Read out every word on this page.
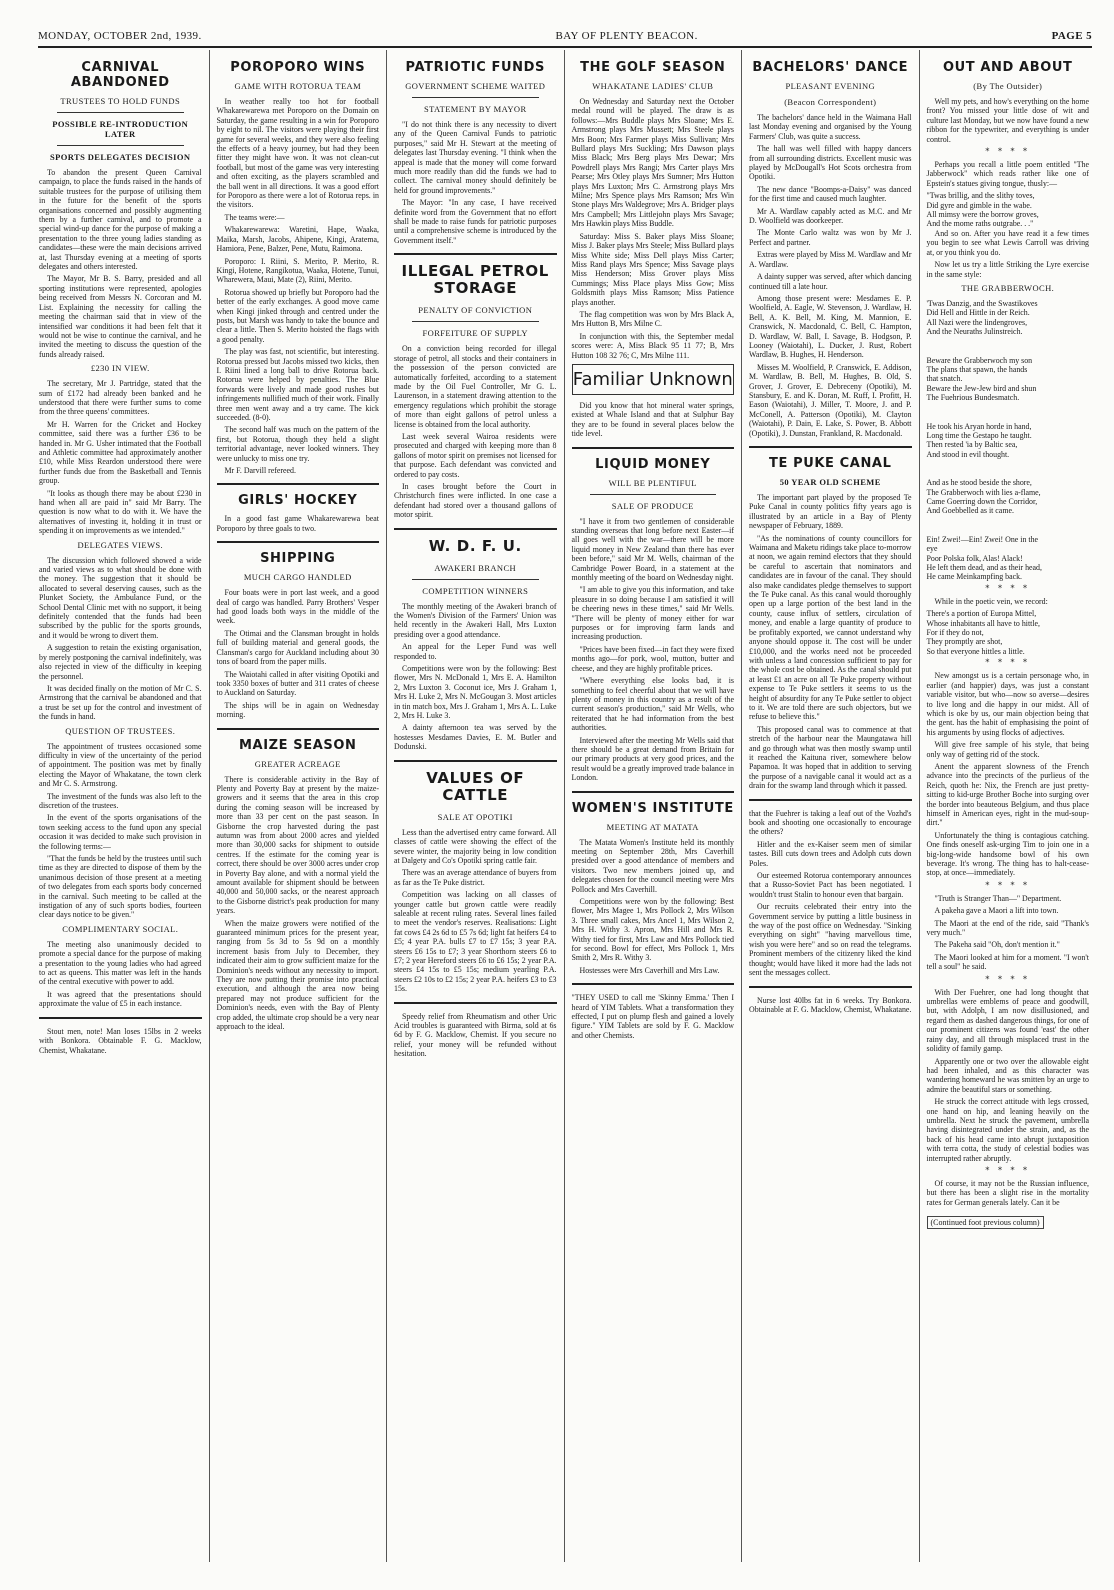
MONDAY, OCTOBER 2nd, 1939.	BAY OF PLENTY BEACON.	PAGE 5
CARNIVAL ABANDONED
TRUSTEES TO HOLD FUNDS
POSSIBLE RE-INTRODUCTION LATER
SPORTS DELEGATES DECISION

To abandon the present Queen Carnival campaign, to place the funds raised in the hands of suitable trustees for the purpose of utilising them in the future for the benefit of the sports organisations concerned and possibly augmenting them by a further carnival, and to promote a special wind-up dance for the purpose of making a presentation to the three young ladies standing as candidates—these were the main decisions arrived at, last Thursday evening at a meeting of sports delegates and others interested.

The Mayor, Mr B. S. Barry, presided and all sporting institutions were represented, apologies being received from Messrs N. Corcoran and M. List. Explaining the necessity for calling the meeting the chairman said that in view of the intensified war conditions it had been felt that it would not be wise to continue the carnival, and he invited the meeting to discuss the question of the funds already raised.

£230 IN VIEW.

The secretary, Mr J. Partridge, stated that the sum of £172 had already been banked and he understood that there were further sums to come from the three queens' committees.

Mr H. Warren for the Cricket and Hockey committee, said there was a further £36 to be handed in. Mr G. Usher intimated that the Football and Athletic committee had approximately another £10, while Miss Reardon understood there were further funds due from the Basketball and Tennis group.

"It looks as though there may be about £230 in hand when all are paid in" said Mr Barry. The question is now what to do with it. We have the alternatives of investing it, holding it in trust or spending it on improvements as we intended."

DELEGATES VIEWS.

The discussion which followed showed a wide and varied views as to what should be done with the money. The suggestion that it should be allocated to several deserving causes, such as the Plunket Society, the Ambulance Fund, or the School Dental Clinic met with no support, it being definitely contended that the funds had been subscribed by the public for the sports grounds, and it would be wrong to divert them.

A suggestion to retain the existing organisation, by merely postponing the carnival indefinitely, was also rejected in view of the difficulty in keeping the personnel.

It was decided finally on the motion of Mr C. S. Armstrong that the carnival be abandoned and that a trust be set up for the control and investment of the funds in hand.

QUESTION OF TRUSTEES.

The appointment of trustees occasioned some difficulty in view of the uncertainty of the period of appointment. The position was met by finally electing the Mayor of Whakatane, the town clerk and Mr C. S. Armstrong.

The investment of the funds was also left to the discretion of the trustees.

In the event of the sports organisations of the town seeking access to the fund upon any special occasion it was decided to make such provision in the following terms:—

"That the funds be held by the trustees until such time as they are directed to dispose of them by the unanimous decision of those present at a meeting of two delegates from each sports body concerned in the carnival. Such meeting to be called at the instigation of any of such sports bodies, fourteen clear days notice to be given."

COMPLIMENTARY SOCIAL.

The meeting also unanimously decided to promote a special dance for the purpose of making a presentation to the young ladies who had agreed to act as queens. This matter was left in the hands of the central executive with power to add.

It was agreed that the presentations should approximate the value of £5 in each instance.

Stout men, note! Man loses 15lbs in 2 weeks with Bonkora. Obtainable F. G. Macklow, Chemist, Whakatane.

POROPORO WINS
GAME WITH ROTORUA TEAM

In weather really too hot for football Whakarewarewa met Poroporo on the Domain on Saturday, the game resulting in a win for Poroporo by eight to nil. The visitors were playing their first game for several weeks, and they were also feeling the effects of a heavy journey, but had they been fitter they might have won. It was not clean-cut football, but most of the game was very interesting and often exciting, as the players scrambled and the ball went in all directions. It was a good effort for Poroporo as there were a lot of Rotorua reps. in the visitors.

The teams were:—

Whakarewarewa: Waretini, Hape, Waaka, Maika, Marsh, Jacobs, Ahipene, Kingi, Aratema, Hamiora, Pene, Balzer, Pene, Mutu, Raimona.

Poroporo: I. Riini, S. Merito, P. Merito, R. Kingi, Hotene, Rangikotua, Waaka, Hotene, Tunui, Wharewera, Maui, Mate (2), Riini, Merito.

Rotorua showed up briefly but Poroporo had the better of the early exchanges. A good move came when Kingi jinked through and centred under the posts, but Marsh was handy to take the bounce and clear a little. Then S. Merito hoisted the flags with a good penalty.

The play was fast, not scientific, but interesting. Rotorua pressed but Jacobs missed two kicks, then I. Riini lined a long ball to drive Rotorua back. Rotorua were helped by penalties. The Blue forwards were lively and made good rushes but infringements nullified much of their work. Finally three men went away and a try came. The kick succeeded. (8-0).

The second half was much on the pattern of the first, but Rotorua, though they held a slight territorial advantage, never looked winners. They were unlucky to miss one try.

Mr F. Darvill refereed.

GIRLS' HOCKEY

In a good fast game Whakarewarewa beat Poroporo by three goals to two.

SHIPPING
MUCH CARGO HANDLED

Four boats were in port last week, and a good deal of cargo was handled. Parry Brothers' Vesper had good loads both ways in the middle of the week.

The Otimai and the Clansman brought in holds full of building material and general goods, the Clansman's cargo for Auckland including about 30 tons of board from the paper mills.

The Waiotahi called in after visiting Opotiki and took 3350 boxes of butter and 311 crates of cheese to Auckland on Saturday.

The ships will be in again on Wednesday morning.

MAIZE SEASON
GREATER ACREAGE

There is considerable activity in the Bay of Plenty and Poverty Bay at present by the maize-growers and it seems that the area in this crop during the coming season will be increased by more than 33 per cent on the past season. In Gisborne the crop harvested during the past autumn was from about 2000 acres and yielded more than 30,000 sacks for shipment to outside centres. If the estimate for the coming year is correct, there should be over 3000 acres under crop in Poverty Bay alone, and with a normal yield the amount available for shipment should be between 40,000 and 50,000 sacks, or the nearest approach to the Gisborne district's peak production for many years.

When the maize growers were notified of the guaranteed minimum prices for the present year, ranging from 5s 3d to 5s 9d on a monthly increment basis from July to December, they indicated their aim to grow sufficient maize for the Dominion's needs without any necessity to import. They are now putting their promise into practical execution, and although the area now being prepared may not produce sufficient for the Dominion's needs, even with the Bay of Plenty crop added, the ultimate crop should be a very near approach to the ideal.

PATRIOTIC FUNDS
GOVERNMENT SCHEME WAITED
STATEMENT BY MAYOR

"I do not think there is any necessity to divert any of the Queen Carnival Funds to patriotic purposes," said Mr H. Stewart at the meeting of delegates last Thursday evening. "I think when the appeal is made that the money will come forward much more readily than did the funds we had to collect. The carnival money should definitely be held for ground improvements."

The Mayor: "In any case, I have received definite word from the Government that no effort shall be made to raise funds for patriotic purposes until a comprehensive scheme is introduced by the Government itself."

ILLEGAL PETROL STORAGE
PENALTY OF CONVICTION
FORFEITURE OF SUPPLY

On a conviction being recorded for illegal storage of petrol, all stocks and their containers in the possession of the person convicted are automatically forfeited, according to a statement made by the Oil Fuel Controller, Mr G. L. Laurenson, in a statement drawing attention to the emergency regulations which prohibit the storage of more than eight gallons of petrol unless a license is obtained from the local authority.

Last week several Wairoa residents were prosecuted and charged with keeping more than 8 gallons of motor spirit on premises not licensed for that purpose. Each defendant was convicted and ordered to pay costs.

In cases brought before the Court in Christchurch fines were inflicted. In one case a defendant had stored over a thousand gallons of motor spirit.

W. D. F. U.
AWAKERI BRANCH
COMPETITION WINNERS

The monthly meeting of the Awakeri branch of the Women's Division of the Farmers' Union was held recently in the Awakeri Hall, Mrs Luxton presiding over a good attendance.

An appeal for the Leper Fund was well responded to.

Competitions were won by the following: Best flower, Mrs N. McDonald 1, Mrs E. A. Hamilton 2, Mrs Luxton 3. Coconut ice, Mrs J. Graham 1, Mrs H. Luke 2, Mrs N. McGougan 3. Most articles in tin match box, Mrs J. Graham 1, Mrs A. L. Luke 2, Mrs H. Luke 3.

A dainty afternoon tea was served by the hostesses Mesdames Davies, E. M. Butler and Dodunski.

VALUES OF CATTLE
SALE AT OPOTIKI

Less than the advertised entry came forward. All classes of cattle were showing the effect of the severe winter, the majority being in low condition at Dalgety and Co's Opotiki spring cattle fair.

There was an average attendance of buyers from as far as the Te Puke district.

Competition was lacking on all classes of younger cattle but grown cattle were readily saleable at recent ruling rates. Several lines failed to meet the vendor's reserves. Realisations: Light fat cows £4 2s 6d to £5 7s 6d; light fat heifers £4 to £5; 4 year P.A. bulls £7 to £7 15s; 3 year P.A. steers £6 15s to £7; 3 year Shorthorn steers £6 to £7; 2 year Hereford steers £6 to £6 15s; 2 year P.A. steers £4 15s to £5 15s; medium yearling P.A. steers £2 10s to £2 15s; 2 year P.A. heifers £3 to £3 15s.

Speedy relief from Rheumatism and other Uric Acid troubles is guaranteed with Birma, sold at 6s 6d by F. G. Macklow, Chemist. If you secure no relief, your money will be refunded without hesitation.

THE GOLF SEASON
WHAKATANE LADIES' CLUB

On Wednesday and Saturday next the October medal round will be played. The draw is as follows:—Mrs Buddle plays Mrs Sloane; Mrs E. Armstrong plays Mrs Mussett; Mrs Steele plays Mrs Boon; Mrs Farmer plays Miss Sullivan; Mrs Bullard plays Mrs Suckling; Mrs Dawson plays Miss Black; Mrs Berg plays Mrs Dewar; Mrs Powdrell plays Mrs Rangi; Mrs Carter plays Mrs Pearse; Mrs Otley plays Mrs Sumner; Mrs Hutton plays Mrs Luxton; Mrs C. Armstrong plays Mrs Milne; Mrs Spence plays Mrs Ramson; Mrs Win Stone plays Mrs Waldegrove; Mrs A. Bridger plays Mrs Campbell; Mrs Littlejohn plays Mrs Savage; Mrs Hawkin plays Miss Buddle.

Saturday: Miss S. Baker plays Miss Sloane; Miss J. Baker plays Mrs Steele; Miss Bullard plays Miss White side; Miss Dell plays Miss Carter; Miss Rand plays Mrs Spence; Miss Savage plays Miss Henderson; Miss Grover plays Miss Cummings; Miss Place plays Miss Gow; Miss Goldsmith plays Miss Ramson; Miss Patience plays another.

The flag competition was won by Mrs Black A, Mrs Hutton B, Mrs Milne C.

In conjunction with this, the September medal scores were: A, Miss Black 95 11 77; B, Mrs Hutton 108 32 76; C, Mrs Milne 111.

Familiar Unknown

Did you know that hot mineral water springs, existed at Whale Island and that at Sulphur Bay they are to be found in several places below the tide level.

LIQUID MONEY
WILL BE PLENTIFUL
SALE OF PRODUCE

"I have it from two gentlemen of considerable standing overseas that long before next Easter—if all goes well with the war—there will be more liquid money in New Zealand than there has ever been before," said Mr M. Wells, chairman of the Cambridge Power Board, in a statement at the monthly meeting of the board on Wednesday night.

"I am able to give you this information, and take pleasure in so doing because I am satisfied it will be cheering news in these times," said Mr Wells. "There will be plenty of money either for war purposes or for improving farm lands and increasing production.

"Prices have been fixed—in fact they were fixed months ago—for pork, wool, mutton, butter and cheese, and they are highly profitable prices.

"Where everything else looks bad, it is something to feel cheerful about that we will have plenty of money in this country as a result of the current season's production," said Mr Wells, who reiterated that he had information from the best authorities.

Interviewed after the meeting Mr Wells said that there should be a great demand from Britain for our primary products at very good prices, and the result would be a greatly improved trade balance in London.

WOMEN'S INSTITUTE
MEETING AT MATATA

The Matata Women's Institute held its monthly meeting on September 28th, Mrs Caverhill presided over a good attendance of members and visitors. Two new members joined up, and delegates chosen for the council meeting were Mrs Pollock and Mrs Caverhill.

Competitions were won by the following: Best flower, Mrs Magee 1, Mrs Pollock 2, Mrs Wilson 3. Three small cakes, Mrs Ancel 1, Mrs Wilson 2, Mrs H. Withy 3. Apron, Mrs Hill and Mrs R. Withy tied for first, Mrs Law and Mrs Pollock tied for second. Bowl for effect, Mrs Pollock 1, Mrs Smith 2, Mrs R. Withy 3.

Hostesses were Mrs Caverhill and Mrs Law.

"THEY USED to call me 'Skinny Emma.' Then I heard of YIM Tablets. What a transformation they effected, I put on plump flesh and gained a lovely figure." YIM Tablets are sold by F. G. Macklow and other Chemists.

BACHELORS' DANCE
PLEASANT EVENING
(Beacon Correspondent)

The bachelors' dance held in the Waimana Hall last Monday evening and organised by the Young Farmers' Club, was quite a success.

The hall was well filled with happy dancers from all surrounding districts. Excellent music was played by McDougall's Hot Scots orchestra from Opotiki.

The new dance "Boomps-a-Daisy" was danced for the first time and caused much laughter.

Mr A. Wardlaw capably acted as M.C. and Mr D. Woolfield was doorkeeper.

The Monte Carlo waltz was won by Mr J. Perfect and partner.

Extras were played by Miss M. Wardlaw and Mr A. Wardlaw.

A dainty supper was served, after which dancing continued till a late hour.

Among those present were: Mesdames E. P. Woolfield, A. Eagle, W. Stevenson, J. Wardlaw, H. Bell, A. K. Bell, M. King, M. Mannion, E. Cranswick, N. Macdonald, C. Bell, C. Hampton, D. Wardlaw, W. Ball, I. Savage, B. Hodgson, P. Looney (Waiotahi), L. Ducker, J. Rust, Robert Wardlaw, B. Hughes, H. Henderson.

Misses M. Woolfield, P. Cranswick, E. Addison, M. Wardlaw, B. Bell, M. Hughes, B. Old, S. Grover, J. Grover, E. Debreceny (Opotiki), M. Stansbury, E. and K. Doran, M. Ruff, I. Profitt, H. Eason (Waiotahi), J. Miller, T. Moore, J. and P. McConell, A. Patterson (Opotiki), M. Clayton (Waiotahi), P. Dain, E. Lake, S. Power, B. Abbott (Opotiki), J. Dunstan, Frankland, R. Macdonald.

TE PUKE CANAL
50 YEAR OLD SCHEME

The important part played by the proposed Te Puke Canal in county politics fifty years ago is illustrated by an article in a Bay of Plenty newspaper of February, 1889.

"As the nominations of county councillors for Waimana and Maketu ridings take place to-morrow at noon, we again remind electors that they should be careful to ascertain that nominators and candidates are in favour of the canal. They should also make candidates pledge themselves to support the Te Puke canal. As this canal would thoroughly open up a large portion of the best land in the county, cause influx of settlers, circulation of money, and enable a large quantity of produce to be profitably exported, we cannot understand why anyone should oppose it. The cost will be under £10,000, and the works need not be proceeded with unless a land concession sufficient to pay for the whole cost be obtained. As the canal should put at least £1 an acre on all Te Puke property without expense to Te Puke settlers it seems to us the height of absurdity for any Te Puke settler to object to it. We are told there are such objectors, but we refuse to believe this."

This proposed canal was to commence at that stretch of the harbour near the Maungatawa hill and go through what was then mostly swamp until it reached the Kaituna river, somewhere below Papamoa. It was hoped that in addition to serving the purpose of a navigable canal it would act as a drain for the swamp land through which it passed.

that the Fuehrer is taking a leaf out of the Vozhd's book and shooting one occasionally to encourage the others?

Hitler and the ex-Kaiser seem men of similar tastes. Bill cuts down trees and Adolph cuts down Poles.

Our esteemed Rotorua contemporary announces that a Russo-Soviet Pact has been negotiated. I wouldn't trust Stalin to honour even that bargain.

Our recruits celebrated their entry into the Government service by putting a little business in the way of the post office on Wednesday. "Sinking everything on sight" "having marvellous time, wish you were here" and so on read the telegrams. Prominent members of the citizenry liked the kind thought; would have liked it more had the lads not sent the messages collect.

Nurse lost 40lbs fat in 6 weeks. Try Bonkora. Obtainable at F. G. Macklow, Chemist, Whakatane.

OUT AND ABOUT
(By The Outsider)

Well my pets, and how's everything on the home front? You missed your little dose of wit and culture last Monday, but we now have found a new ribbon for the typewriter, and everything is under control.

* * * *

Perhaps you recall a little poem entitled "The Jabberwock" which reads rather like one of Epstein's statues giving tongue, thusly:—

"Twas brillig, and the slithy toves,

Did gyre and gimble in the wabe.

All mimsy were the borrow groves,

And the mome raths outgrabe. . ."

And so on. After you have read it a few times you begin to see what Lewis Carroll was driving at, or you think you do.

Now let us try a little Striking the Lyre exercise in the same style:

THE GRABBERWOCH.

'Twas Danzig, and the Swastikoves

Did Hell and Hittle in der Reich.

All Nazi were the lindengroves,

And the Neuraths Julinstreich.

Beware the Grabberwoch my son

The plans that spawn, the hands

that snatch.

Beware the Jew-Jew bird and shun

The Fuehrious Bundesmatch.

He took his Aryan horde in hand,

Long time the Gestapo he taught.

Then rested 'ia by Baltic sea,

And stood in evil thought.

And as he stood beside the shore,

The Grabberwoch with lies a-flame,

Came Goerring down the Corridor,

And Goebbelled as it came.

Ein! Zwei!—Ein! Zwei! One in the

eye

Poor Polska folk, Alas! Alack!

He left them dead, and as their head,

He came Meinkampfing back.

* * * *

While in the poetic vein, we record:

There's a portion of Europa Mittel,

Whose inhabitants all have to hittle,

For if they do not,

They promptly are shot,

So that everyone hittles a little.

* * * *

New amongst us is a certain personage who, in earlier (and happier) days, was just a constant variable visitor, but who—now so averse—desires to live long and die happy in our midst. All of which is oke by us, our main objection being that the gent. has the habit of emphasising the point of his arguments by using flocks of adjectives.

Will give free sample of his style, that being only way of getting rid of the stock.

Anent the apparent slowness of the French advance into the precincts of the purlieus of the Reich, quoth he: Nix, the French are just pretty-sitting to kid-urge Brother Boche into surging over the border into beauteous Belgium, and thus place himself in American eyes, right in the mud-soup-dirt."

Unfortunately the thing is contagious catching. One finds oneself ask-urging Tim to join one in a big-long-wide handsome bowl of his own beverage. It's wrong. The thing has to halt-cease-stop, at once—immediately.

* * * *

"Truth is Stranger Than—" Department.

A pakeha gave a Maori a lift into town.

The Maori at the end of the ride, said "Thank's very much."

The Pakeha said "Oh, don't mention it."

The Maori looked at him for a moment. "I won't tell a soul" he said.

* * * *

With Der Fuehrer, one had long thought that umbrellas were emblems of peace and goodwill, but, with Adolph, I am now disillusioned, and regard them as dashed dangerous things, for one of our prominent citizens was found 'east' the other rainy day, and all through misplaced trust in the solidity of family gamp.

Apparently one or two over the allowable eight had been inhaled, and as this character was wandering homeward he was smitten by an urge to admire the beautiful stars or something.

He struck the correct attitude with legs crossed, one hand on hip, and leaning heavily on the umbrella. Next he struck the pavement, umbrella having disintegrated under the strain, and, as the back of his head came into abrupt juxtaposition with terra cotta, the study of celestial bodies was interrupted rather abruptly.

* * * *

Of course, it may not be the Russian influence, but there has been a slight rise in the mortality rates for German generals lately. Can it be

(Continued foot previous column)
